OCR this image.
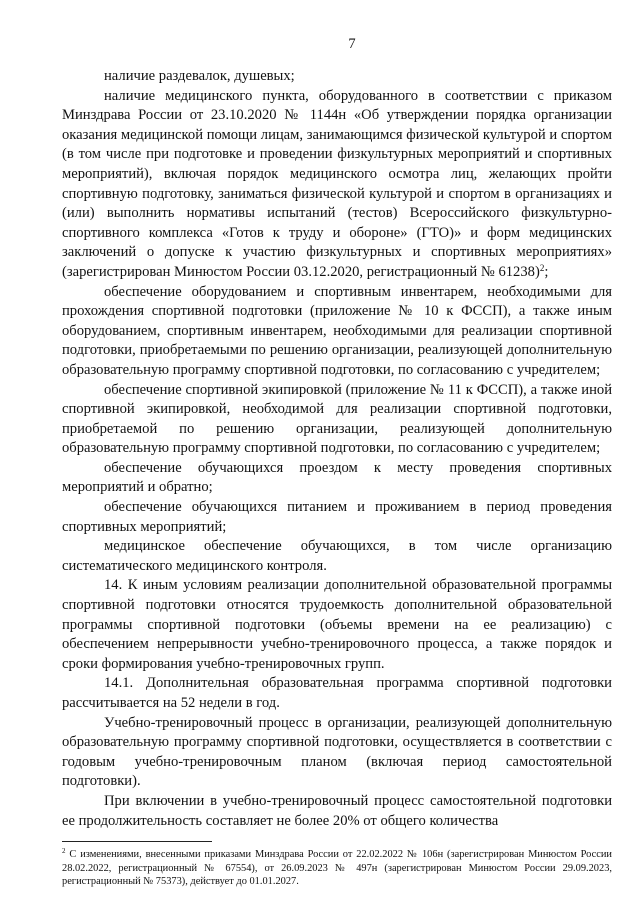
7

наличие раздевалок, душевых;

наличие медицинского пункта, оборудованного в соответствии с приказом Минздрава России от 23.10.2020 № 1144н «Об утверждении порядка организации оказания медицинской помощи лицам, занимающимся физической культурой и спортом (в том числе при подготовке и проведении физкультурных мероприятий и спортивных мероприятий), включая порядок медицинского осмотра лиц, желающих пройти спортивную подготовку, заниматься физической культурой и спортом в организациях и (или) выполнить нормативы испытаний (тестов) Всероссийского физкультурно-спортивного комплекса «Готов к труду и обороне» (ГТО)» и форм медицинских заключений о допуске к участию физкультурных и спортивных мероприятиях» (зарегистрирован Минюстом России 03.12.2020, регистрационный № 61238)$^2$;

обеспечение оборудованием и спортивным инвентарем, необходимыми для прохождения спортивной подготовки (приложение № 10 к ФССП), а также иным оборудованием, спортивным инвентарем, необходимыми для реализации спортивной подготовки, приобретаемыми по решению организации, реализующей дополнительную образовательную программу спортивной подготовки, по согласованию с учредителем;

обеспечение спортивной экипировкой (приложение № 11 к ФССП), а также иной спортивной экипировкой, необходимой для реализации спортивной подготовки, приобретаемой по решению организации, реализующей дополнительную образовательную программу спортивной подготовки, по согласованию с учредителем;

обеспечение обучающихся проездом к месту проведения спортивных мероприятий и обратно;

обеспечение обучающихся питанием и проживанием в период проведения спортивных мероприятий;

медицинское обеспечение обучающихся, в том числе организацию систематического медицинского контроля.

14. К иным условиям реализации дополнительной образовательной программы спортивной подготовки относятся трудоемкость дополнительной образовательной программы спортивной подготовки (объемы времени на ее реализацию) с обеспечением непрерывности учебно-тренировочного процесса, а также порядок и сроки формирования учебно-тренировочных групп.

14.1. Дополнительная образовательная программа спортивной подготовки рассчитывается на 52 недели в год.

Учебно-тренировочный процесс в организации, реализующей дополнительную образовательную программу спортивной подготовки, осуществляется в соответствии с годовым учебно-тренировочным планом (включая период самостоятельной подготовки).

При включении в учебно-тренировочный процесс самостоятельной подготовки ее продолжительность составляет не более 20% от общего количества

$^2$ С изменениями, внесенными приказами Минздрава России от 22.02.2022 № 106н (зарегистрирован Минюстом России 28.02.2022, регистрационный № 67554), от 26.09.2023 № 497н (зарегистрирован Минюстом России 29.09.2023, регистрационный № 75373), действует до 01.01.2027.
